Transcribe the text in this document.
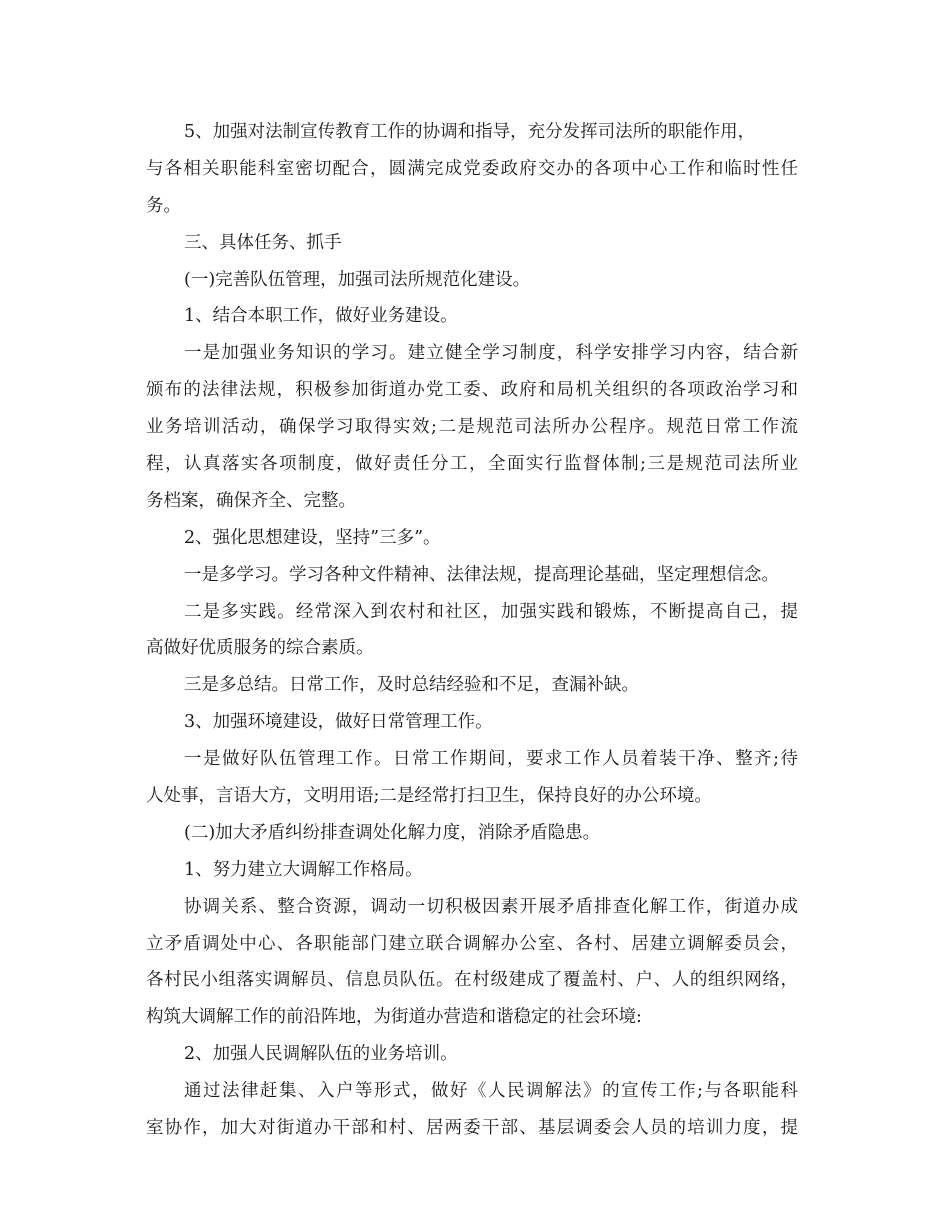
5、加强对法制宣传教育工作的协调和指导，充分发挥司法所的职能作用，
与各相关职能科室密切配合，圆满完成党委政府交办的各项中心工作和临时性任
务。
三、具体任务、抓手
(一)完善队伍管理，加强司法所规范化建设。
1、结合本职工作，做好业务建设。
一是加强业务知识的学习。建立健全学习制度，科学安排学习内容，结合新
颁布的法律法规，积极参加街道办党工委、政府和局机关组织的各项政治学习和
业务培训活动，确保学习取得实效;二是规范司法所办公程序。规范日常工作流
程，认真落实各项制度，做好责任分工，全面实行监督体制;三是规范司法所业
务档案，确保齐全、完整。
2、强化思想建设，坚持”三多”。
一是多学习。学习各种文件精神、法律法规，提高理论基础，坚定理想信念。
二是多实践。经常深入到农村和社区，加强实践和锻炼，不断提高自己，提
高做好优质服务的综合素质。
三是多总结。日常工作，及时总结经验和不足，查漏补缺。
3、加强环境建设，做好日常管理工作。
一是做好队伍管理工作。日常工作期间，要求工作人员着装干净、整齐;待
人处事，言语大方，文明用语;二是经常打扫卫生，保持良好的办公环境。
(二)加大矛盾纠纷排查调处化解力度，消除矛盾隐患。
1、努力建立大调解工作格局。
协调关系、整合资源，调动一切积极因素开展矛盾排查化解工作，街道办成
立矛盾调处中心、各职能部门建立联合调解办公室、各村、居建立调解委员会，
各村民小组落实调解员、信息员队伍。在村级建成了覆盖村、户、人的组织网络，
构筑大调解工作的前沿阵地，为街道办营造和谐稳定的社会环境:
2、加强人民调解队伍的业务培训。
通过法律赶集、入户等形式，做好《人民调解法》的宣传工作;与各职能科
室协作，加大对街道办干部和村、居两委干部、基层调委会人员的培训力度，提
